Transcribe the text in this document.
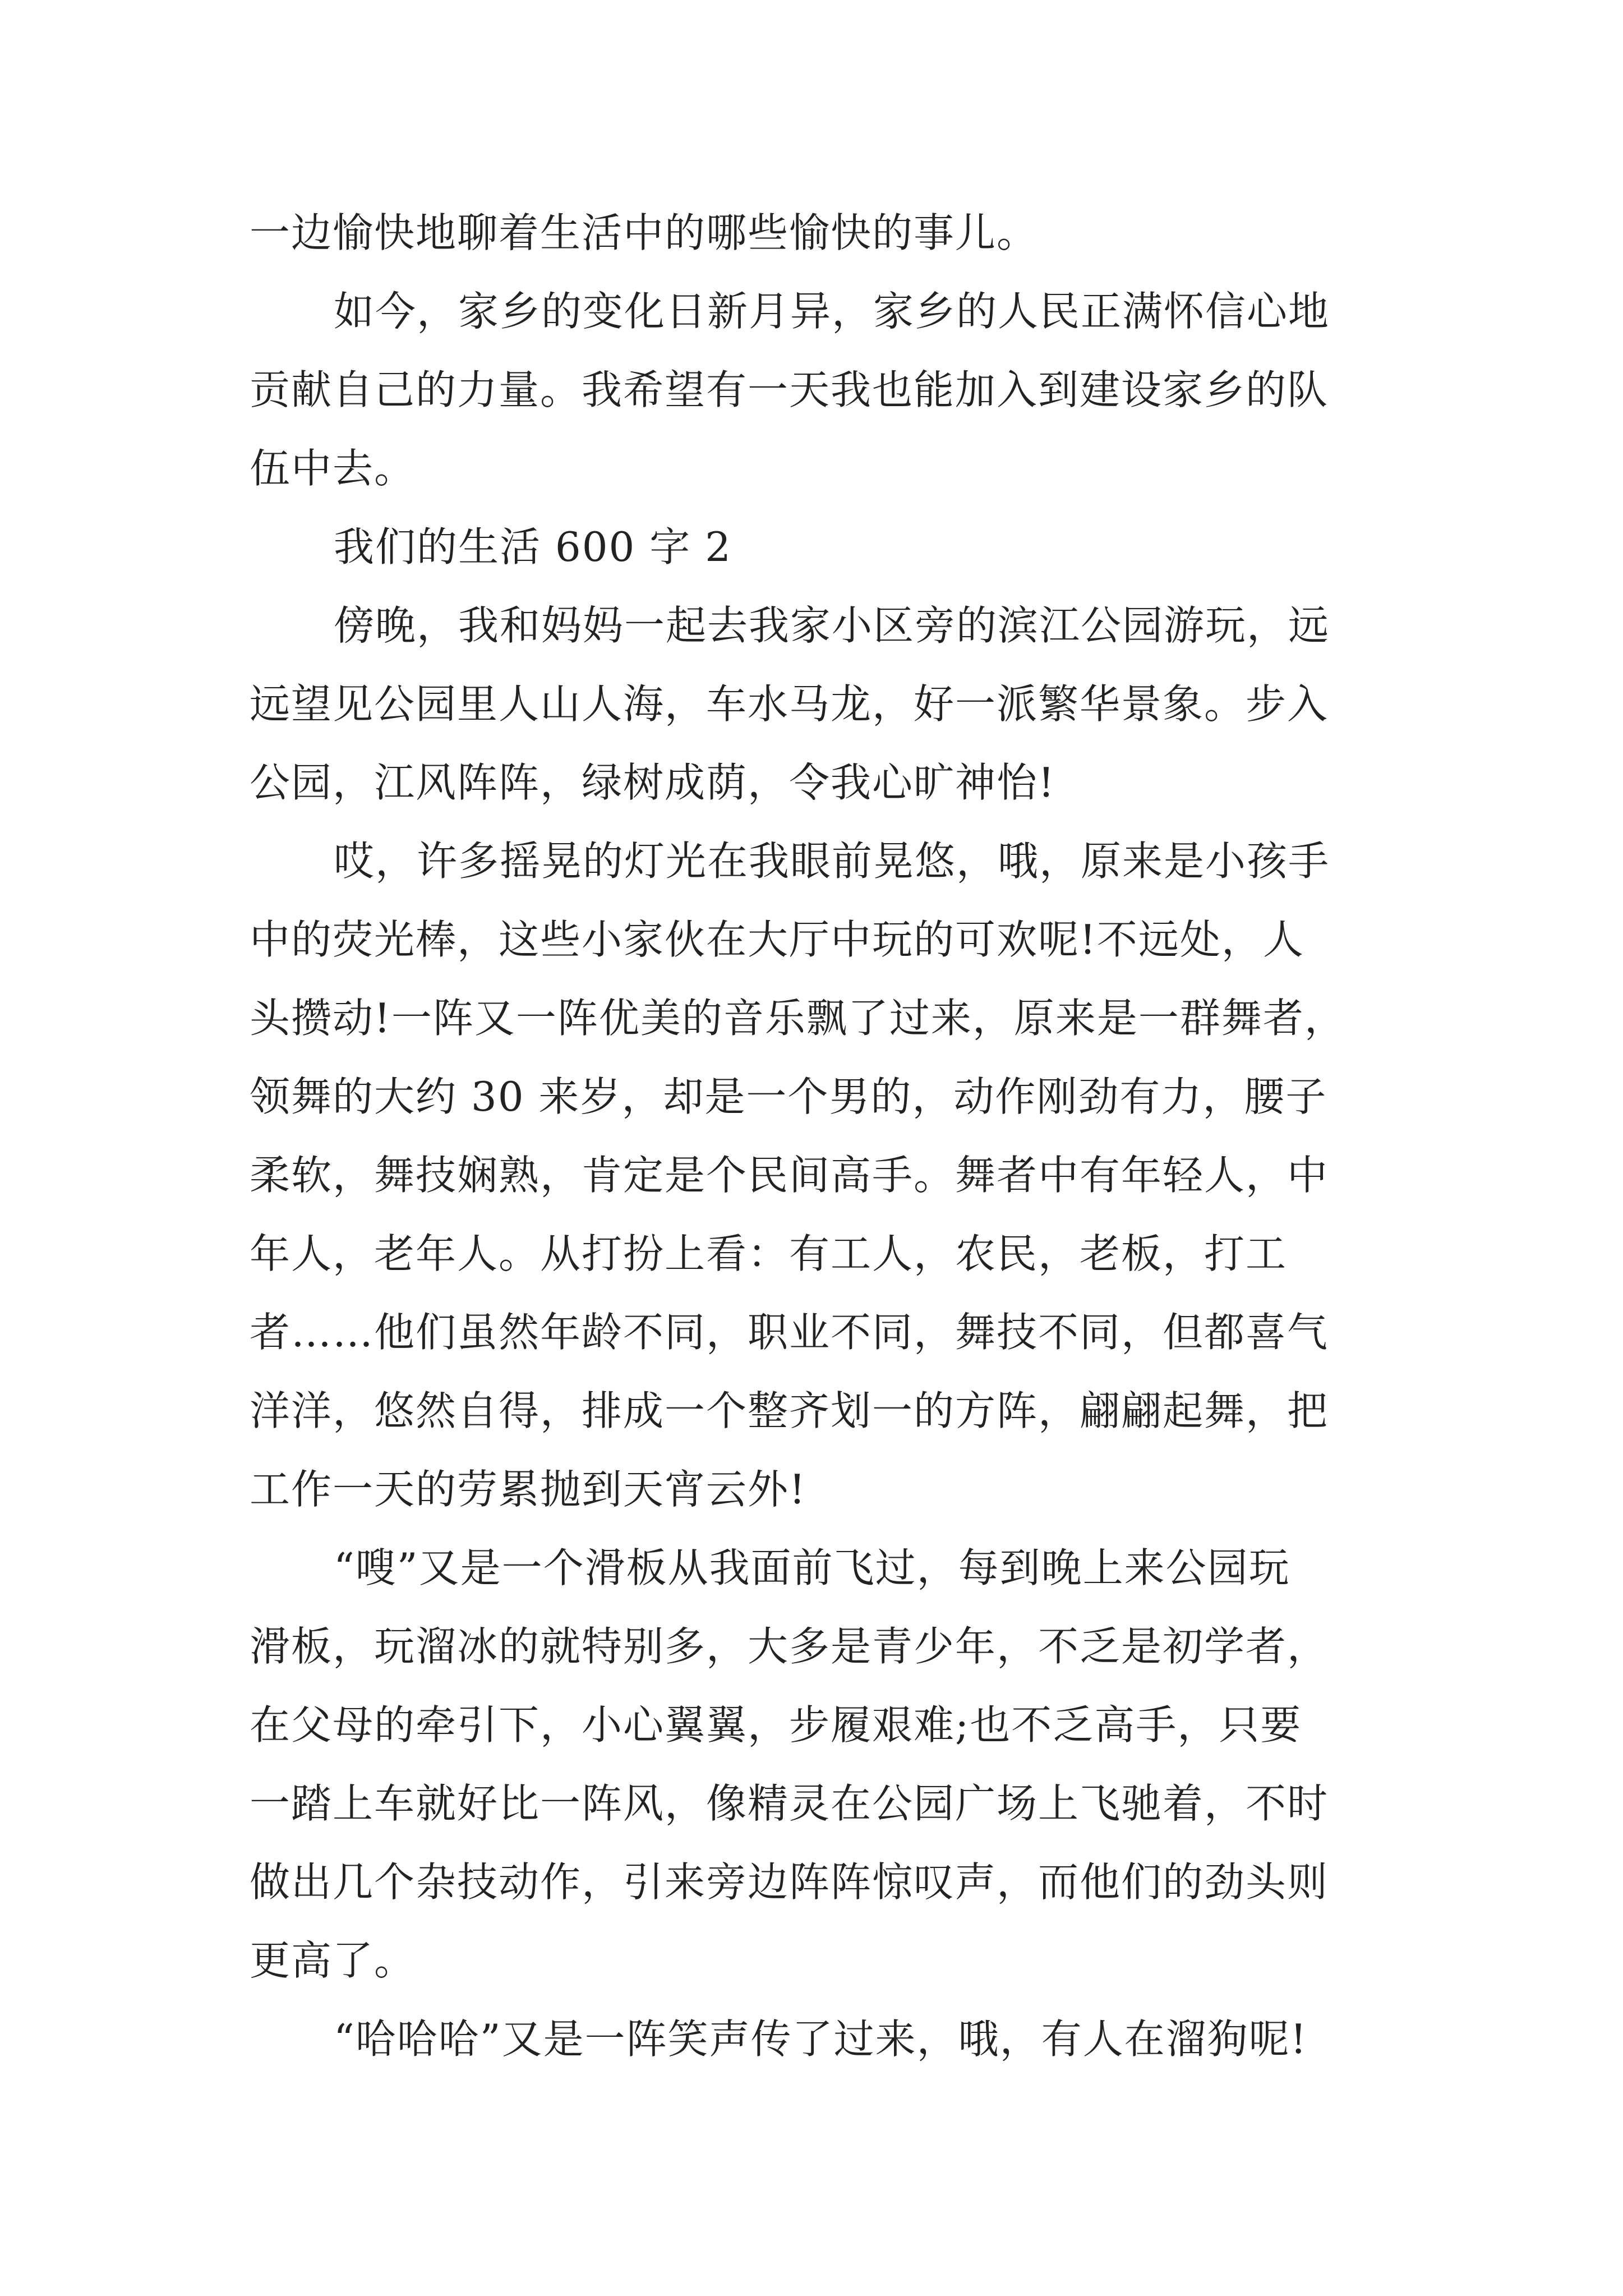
一边愉快地聊着生活中的哪些愉快的事儿。
如今，家乡的变化日新月异，家乡的人民正满怀信心地
贡献自己的力量。我希望有一天我也能加入到建设家乡的队
伍中去。
我们的生活 600 字 2
傍晚，我和妈妈一起去我家小区旁的滨江公园游玩，远
远望见公园里人山人海，车水马龙，好一派繁华景象。步入
公园，江风阵阵，绿树成荫，令我心旷神怡!
哎，许多摇晃的灯光在我眼前晃悠，哦，原来是小孩手
中的荧光棒，这些小家伙在大厅中玩的可欢呢!不远处，人
头攒动!一阵又一阵优美的音乐飘了过来，原来是一群舞者，
领舞的大约 30 来岁，却是一个男的，动作刚劲有力，腰子
柔软，舞技娴熟，肯定是个民间高手。舞者中有年轻人，中
年人，老年人。从打扮上看：有工人，农民，老板，打工
者……他们虽然年龄不同，职业不同，舞技不同，但都喜气
洋洋，悠然自得，排成一个整齐划一的方阵，翩翩起舞，把
工作一天的劳累抛到天宵云外!
“嗖”又是一个滑板从我面前飞过，每到晚上来公园玩
滑板，玩溜冰的就特别多，大多是青少年，不乏是初学者，
在父母的牵引下，小心翼翼，步履艰难;也不乏高手，只要
一踏上车就好比一阵风，像精灵在公园广场上飞驰着，不时
做出几个杂技动作，引来旁边阵阵惊叹声，而他们的劲头则
更高了。
“哈哈哈”又是一阵笑声传了过来，哦，有人在溜狗呢!
